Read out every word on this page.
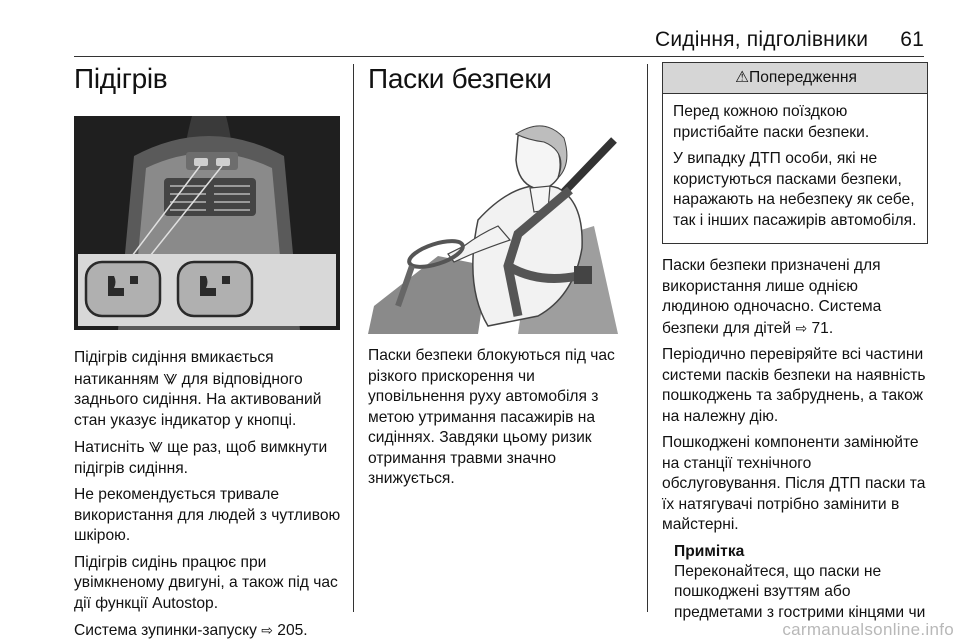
Сидіння, підголівники 61
Підігрів

Підігрів сидіння вмикається натиканням ⨈ для відповідного заднього сидіння. На активований стан указує індикатор у кнопці.

Натисніть ⨈ ще раз, щоб вимкнути підігрів сидіння.

Не рекомендується тривале використання для людей з чутливою шкірою.

Підігрів сидінь працює при увімкненому двигуні, а також під час дії функції Autostop.

Система зупинки-запуску ⇨ 205.

Паски безпеки

Паски безпеки блокуються під час різкого прискорення чи уповільнення руху автомобіля з метою утримання пасажирів на сидіннях. Завдяки цьому ризик отримання травми значно знижується.

⚠Попередження

Перед кожною поїздкою пристібайте паски безпеки.

У випадку ДТП особи, які не користуються пасками безпеки, наражають на небезпеку як себе, так і інших пасажирів автомобіля.

Паски безпеки призначені для використання лише однією людиною одночасно. Система безпеки для дітей ⇨ 71.

Періодично перевіряйте всі частини системи пасків безпеки на наявність пошкоджень та забруднень, а також на належну дію.

Пошкоджені компоненти замінюйте на станції технічного обслуговування. Після ДТП паски та їх натягувачі потрібно замінити в майстерні.

Примітка

Переконайтеся, що паски не пошкоджені взуттям або предметами з гострими кінцями чи

carmanualsonline.info
